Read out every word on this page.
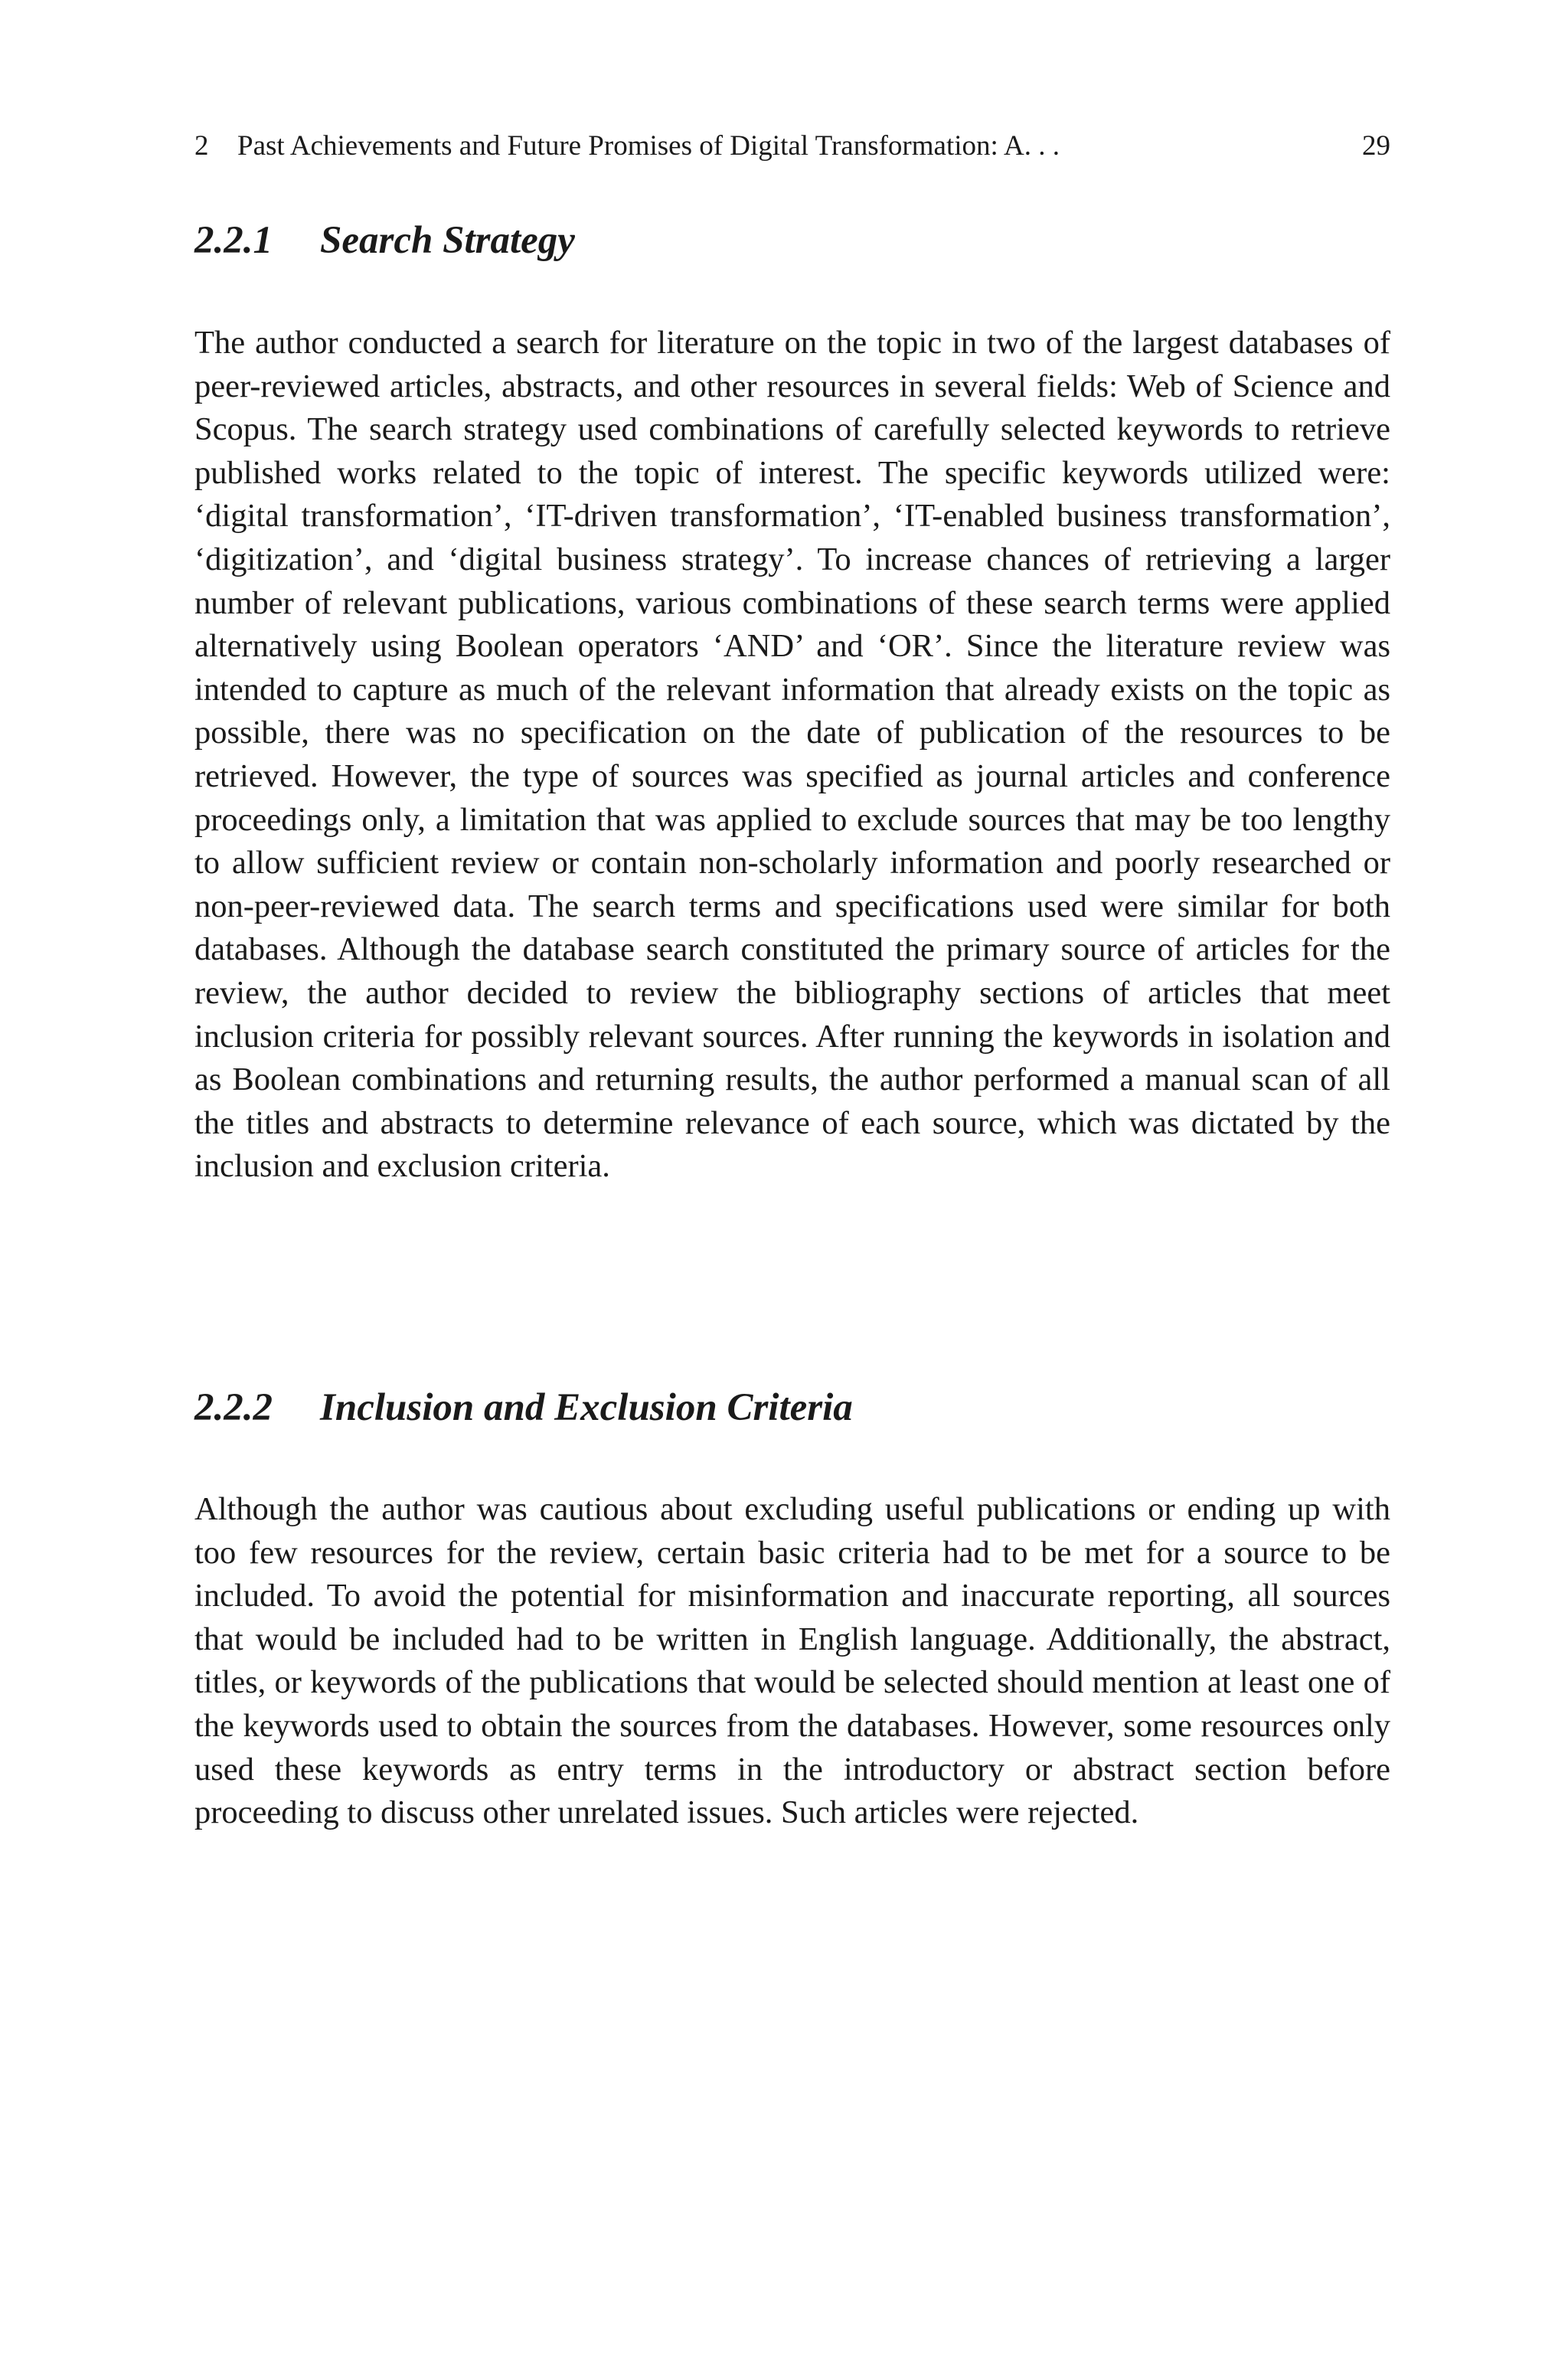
2 Past Achievements and Future Promises of Digital Transformation: A. . .	29
2.2.1 Search Strategy

The author conducted a search for literature on the topic in two of the largest databases of peer-reviewed articles, abstracts, and other resources in several fields: Web of Science and Scopus. The search strategy used combinations of carefully selected keywords to retrieve published works related to the topic of interest. The specific keywords utilized were: ‘digital transformation’, ‘IT-driven transformation’, ‘IT-enabled business transformation’, ‘digitization’, and ‘digital business strategy’. To increase chances of retrieving a larger number of relevant publications, various combinations of these search terms were applied alternatively using Boolean operators ‘AND’ and ‘OR’. Since the literature review was intended to capture as much of the relevant information that already exists on the topic as possible, there was no specification on the date of publication of the resources to be retrieved. However, the type of sources was specified as journal articles and conference proceedings only, a limitation that was applied to exclude sources that may be too lengthy to allow sufficient review or contain non-scholarly information and poorly researched or non-peer-reviewed data. The search terms and specifications used were similar for both databases. Although the database search constituted the primary source of articles for the review, the author decided to review the bibliography sections of articles that meet inclusion criteria for possibly relevant sources. After running the keywords in isolation and as Boolean combinations and returning results, the author performed a manual scan of all the titles and abstracts to determine relevance of each source, which was dictated by the inclusion and exclusion criteria.

2.2.2 Inclusion and Exclusion Criteria

Although the author was cautious about excluding useful publications or ending up with too few resources for the review, certain basic criteria had to be met for a source to be included. To avoid the potential for misinformation and inaccurate reporting, all sources that would be included had to be written in English language. Additionally, the abstract, titles, or keywords of the publications that would be selected should mention at least one of the keywords used to obtain the sources from the databases. However, some resources only used these keywords as entry terms in the introductory or abstract section before proceeding to discuss other unrelated issues. Such articles were rejected.
